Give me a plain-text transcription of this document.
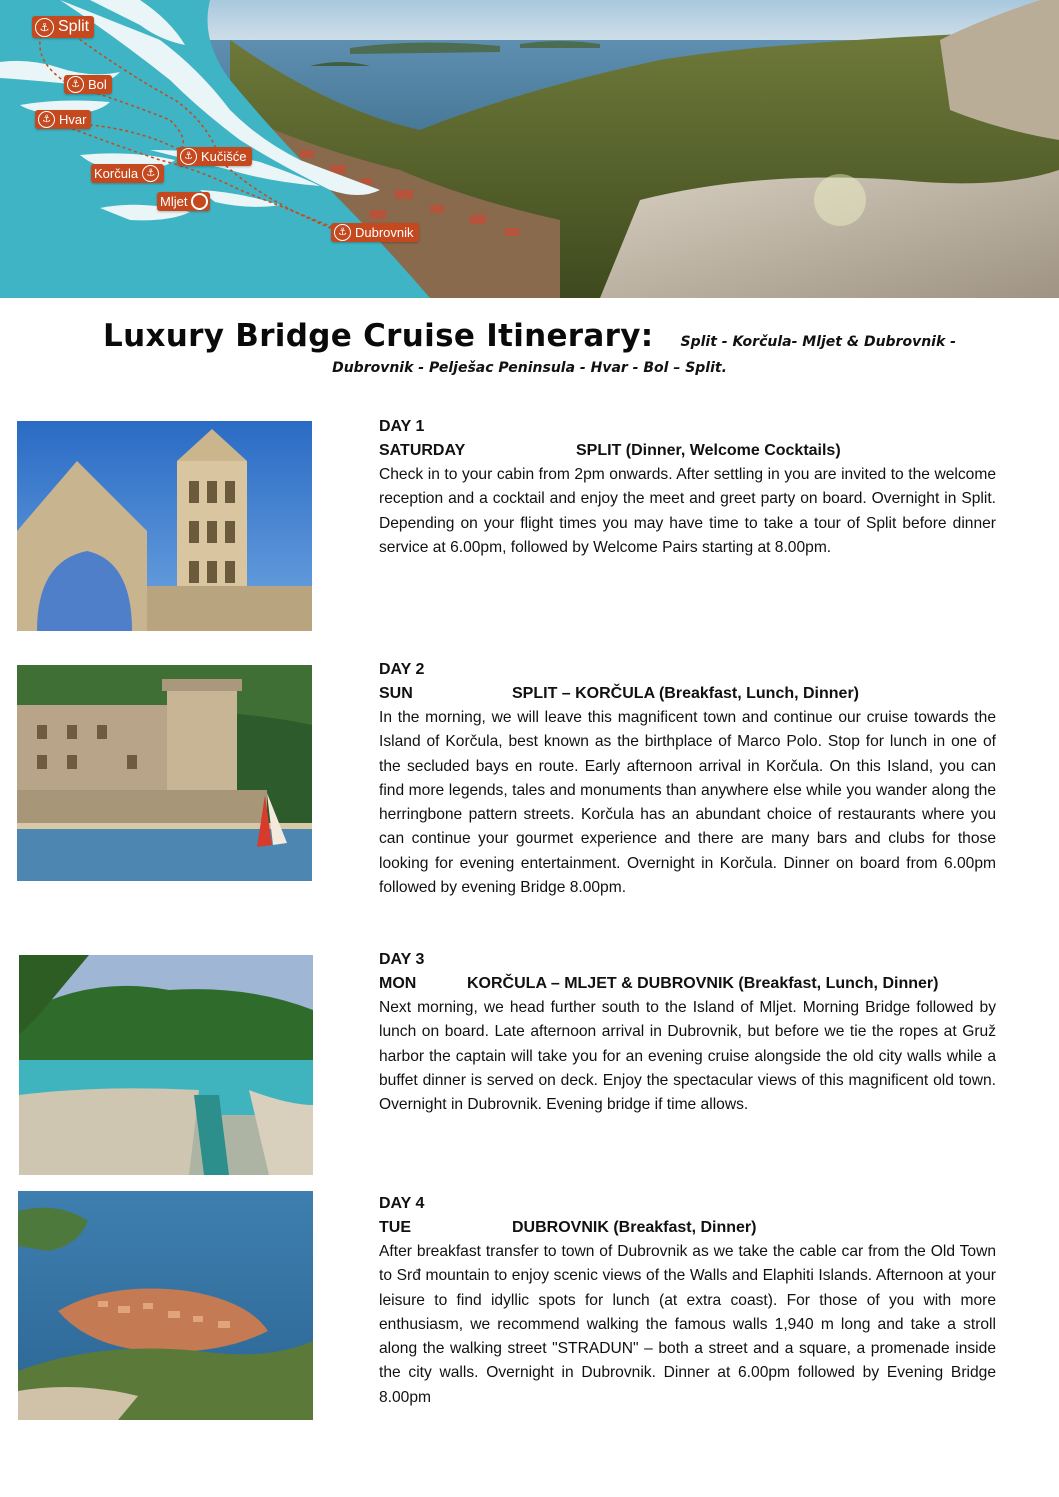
⚓ Split
⚓ Bol
⚓ Hvar
⚓ Kučišće
Korčula ⚓
Mljet
⚓ Dubrovnik
Luxury Bridge Cruise Itinerary: Split - Korčula- Mljet & Dubrovnik -
Dubrovnik - Pelješac Peninsula - Hvar - Bol – Split.
DAY 1
SATURDAY	SPLIT (Dinner, Welcome Cocktails)

Check in to your cabin from 2pm onwards. After settling in you are invited to the welcome reception and a cocktail and enjoy the meet and greet party on board. Overnight in Split. Depending on your flight times you may have time to take a tour of Split before dinner service at 6.00pm, followed by Welcome Pairs starting at 8.00pm.

DAY 2
SUN	SPLIT – KORČULA (Breakfast, Lunch, Dinner)

In the morning, we will leave this magnificent town and continue our cruise towards the Island of Korčula, best known as the birthplace of Marco Polo. Stop for lunch in one of the secluded bays en route. Early afternoon arrival in Korčula. On this Island, you can find more legends, tales and monuments than anywhere else while you wander along the herringbone pattern streets. Korčula has an abundant choice of restaurants where you can continue your gourmet experience and there are many bars and clubs for those looking for evening entertainment. Overnight in Korčula. Dinner on board from 6.00pm followed by evening Bridge 8.00pm.

DAY 3
MON	KORČULA – MLJET & DUBROVNIK (Breakfast, Lunch, Dinner)

Next morning, we head further south to the Island of Mljet. Morning Bridge followed by lunch on board. Late afternoon arrival in Dubrovnik, but before we tie the ropes at Gruž harbor the captain will take you for an evening cruise alongside the old city walls while a buffet dinner is served on deck. Enjoy the spectacular views of this magnificent old town. Overnight in Dubrovnik. Evening bridge if time allows.

DAY 4
TUE	DUBROVNIK (Breakfast, Dinner)

After breakfast transfer to town of Dubrovnik as we take the cable car from the Old Town to Srđ mountain to enjoy scenic views of the Walls and Elaphiti Islands. Afternoon at your leisure to find idyllic spots for lunch (at extra coast). For those of you with more enthusiasm, we recommend walking the famous walls 1,940 m long and take a stroll along the walking street "STRADUN" – both a street and a square, a promenade inside the city walls. Overnight in Dubrovnik. Dinner at 6.00pm followed by Evening Bridge 8.00pm
